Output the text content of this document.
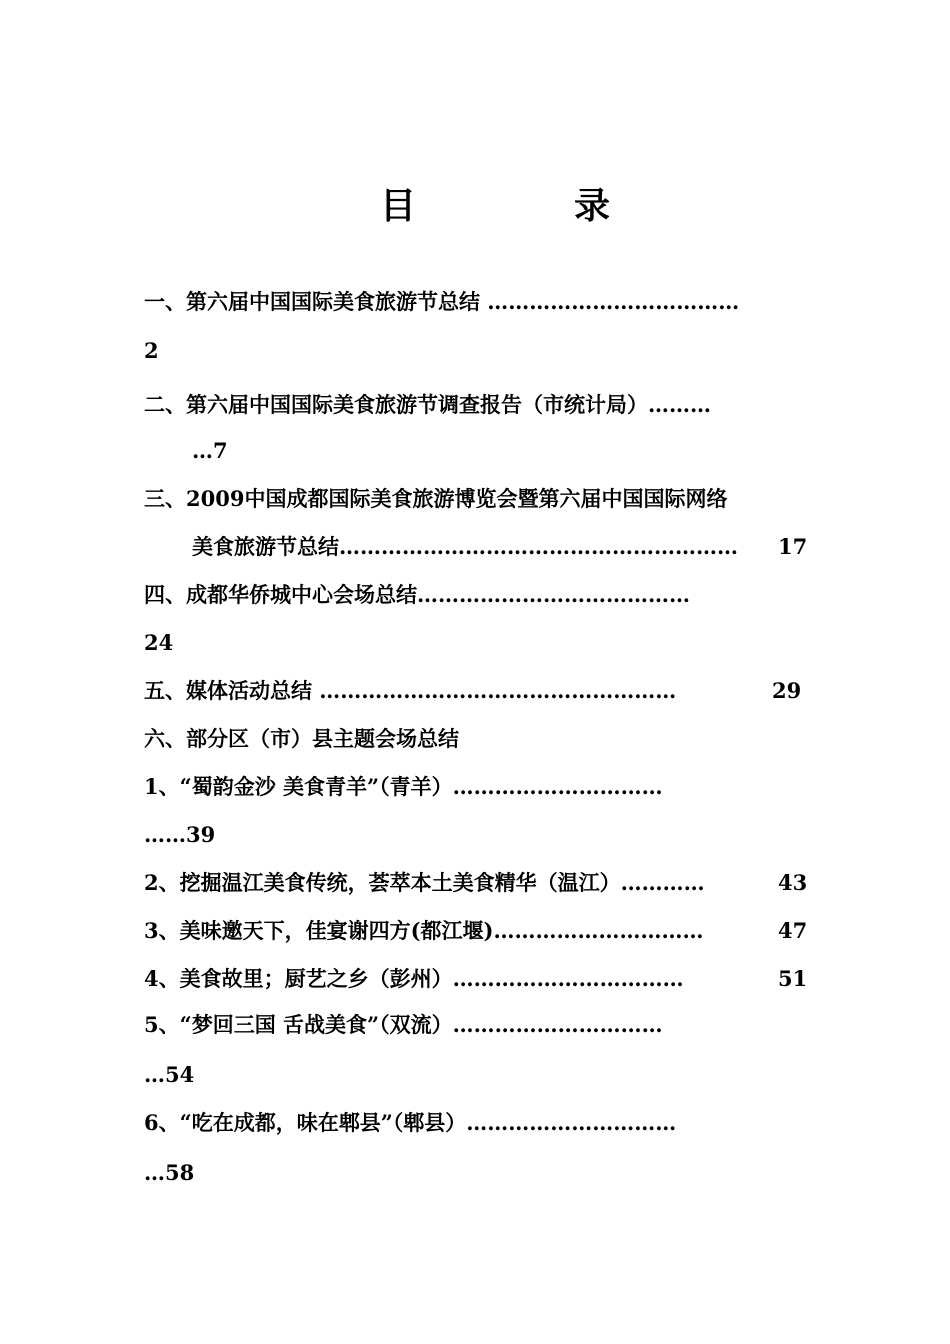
目	录
一、第六届中国国际美食旅游节总结 ………………………………
2
二、第六届中国国际美食旅游节调查报告（市统计局）………
…7
三、2009中国成都国际美食旅游博览会暨第六届中国国际网络
美食旅游节总结…………………………………………………	17
四、成都华侨城中心会场总结…………………………………
24
五、媒体活动总结 ……………………………………………	29
六、部分区（市）县主题会场总结
1、“蜀韵金沙 美食青羊”（青羊）…………………………
……39
2、挖掘温江美食传统，荟萃本土美食精华（温江）…………	43
3、美味邀天下，佳宴谢四方(都江堰)…………………………	47
4、美食故里；厨艺之乡（彭州）……………………………	51
5、“梦回三国 舌战美食”（双流）…………………………
…54
6、“吃在成都，味在郫县”（郫县）…………………………
…58
